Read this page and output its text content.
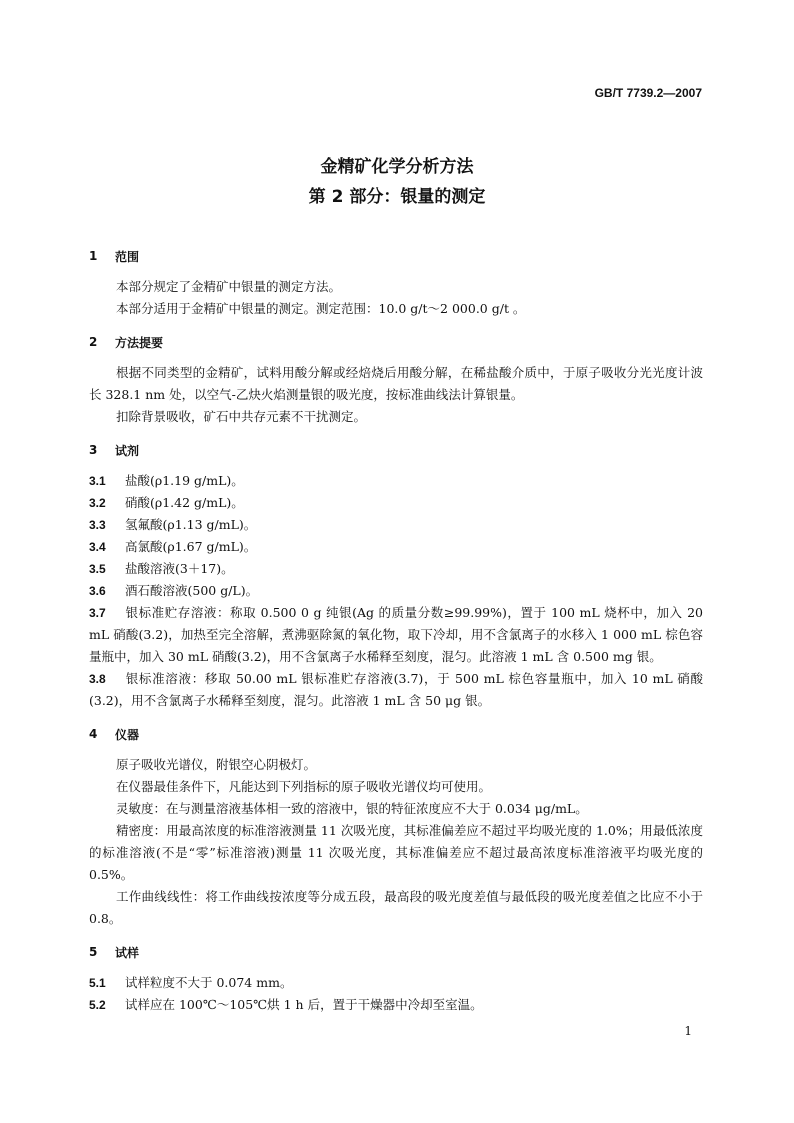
GB/T 7739.2—2007
金精矿化学分析方法
第 2 部分：银量的测定
1	范围

本部分规定了金精矿中银量的测定方法。

本部分适用于金精矿中银量的测定。测定范围：10.0 g/t～2 000.0 g/t 。

2	方法提要

根据不同类型的金精矿，试料用酸分解或经焙烧后用酸分解，在稀盐酸介质中，于原子吸收分光光度计波长 328.1 nm 处，以空气-乙炔火焰测量银的吸光度，按标准曲线法计算银量。

扣除背景吸收，矿石中共存元素不干扰测定。

3	试剂
3.1	盐酸(ρ1.19 g/mL)。
3.2	硝酸(ρ1.42 g/mL)。
3.3	氢氟酸(ρ1.13 g/mL)。
3.4	高氯酸(ρ1.67 g/mL)。
3.5	盐酸溶液(3＋17)。
3.6	酒石酸溶液(500 g/L)。
3.7 银标准贮存溶液：称取 0.500 0 g 纯银(Ag 的质量分数≥99.99%)，置于 100 mL 烧杯中，加入 20 mL 硝酸(3.2)，加热至完全溶解，煮沸驱除氮的氧化物，取下冷却，用不含氯离子的水移入 1 000 mL 棕色容量瓶中，加入 30 mL 硝酸(3.2)，用不含氯离子水稀释至刻度，混匀。此溶液 1 mL 含 0.500 mg 银。
3.8 银标准溶液：移取 50.00 mL 银标准贮存溶液(3.7)，于 500 mL 棕色容量瓶中，加入 10 mL 硝酸(3.2)，用不含氯离子水稀释至刻度，混匀。此溶液 1 mL 含 50 μg 银。
4	仪器

原子吸收光谱仪，附银空心阴极灯。

在仪器最佳条件下，凡能达到下列指标的原子吸收光谱仪均可使用。

灵敏度：在与测量溶液基体相一致的溶液中，银的特征浓度应不大于 0.034 μg/mL。

精密度：用最高浓度的标准溶液测量 11 次吸光度，其标准偏差应不超过平均吸光度的 1.0%；用最低浓度的标准溶液(不是“零”标准溶液)测量 11 次吸光度，其标准偏差应不超过最高浓度标准溶液平均吸光度的 0.5%。

工作曲线线性：将工作曲线按浓度等分成五段，最高段的吸光度差值与最低段的吸光度差值之比应不小于 0.8。

5	试样
5.1	试样粒度不大于 0.074 mm。
5.2	试样应在 100℃～105℃烘 1 h 后，置于干燥器中冷却至室温。
1
